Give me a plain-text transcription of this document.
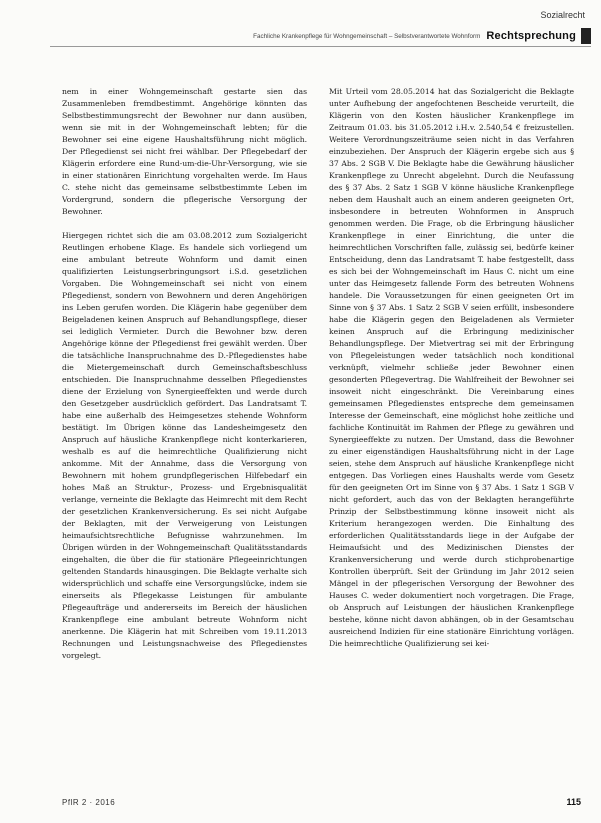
Sozialrecht
Fachliche Krankenpflege für Wohngemeinschaft – Selbstverantwortete Wohnform Rechtsprechung

nem in einer Wohngemeinschaft gestarte sien das Zusammenleben fremdbestimmt. Angehörige könnten das Selbstbestimmungsrecht der Bewohner nur dann ausüben, wenn sie mit in der Wohngemeinschaft lebten; für die Bewohner sei eine eigene Haushaltsführung nicht möglich. Der Pflegedienst sei nicht frei wählbar. Der Pflegebedarf der Klägerin erfordere eine Rund-um-die-Uhr-Versorgung, wie sie in einer stationären Einrichtung vorgehalten werde. Im Haus C. stehe nicht das gemeinsame selbstbestimmte Leben im Vordergrund, sondern die pflegerische Versorgung der Bewohner.

Hiergegen richtet sich die am 03.08.2012 zum Sozialgericht Reutlingen erhobene Klage. Es handele sich vorliegend um eine ambulant betreute Wohnform und damit einen qualifizierten Leistungserbringungsort i.S.d. gesetzlichen Vorgaben. Die Wohngemeinschaft sei nicht von einem Pflegedienst, sondern von Bewohnern und deren Angehörigen ins Leben gerufen worden. Die Klägerin habe gegenüber dem Beigeladenen keinen Anspruch auf Behandlungspflege, dieser sei lediglich Vermieter. Durch die Bewohner bzw. deren Angehörige könne der Pflegedienst frei gewählt werden. Über die tatsächliche Inanspruchnahme des D.-Pflegedienstes habe die Mietergemeinschaft durch Gemeinschaftsbeschluss entschieden. Die Inanspruchnahme desselben Pflegedienstes diene der Erzielung von Synergieeffekten und werde durch den Gesetzgeber ausdrücklich gefördert. Das Landratsamt T. habe eine außerhalb des Heimgesetzes stehende Wohnform bestätigt. Im Übrigen könne das Landesheimgesetz den Anspruch auf häusliche Krankenpflege nicht konterkarieren, weshalb es auf die heimrechtliche Qualifizierung nicht ankomme. Mit der Annahme, dass die Versorgung von Bewohnern mit hohem grundpflegerischen Hilfebedarf ein hohes Maß an Struktur-, Prozess- und Ergebnisqualität verlange, verneinte die Beklagte das Heimrecht mit dem Recht der gesetzlichen Krankenversicherung. Es sei nicht Aufgabe der Beklagten, mit der Verweigerung von Leistungen heimaufsichtsrechtliche Befugnisse wahrzunehmen. Im Übrigen würden in der Wohngemeinschaft Qualitätsstandards eingehalten, die über die für stationäre Pflegeeinrichtungen geltenden Standards hinausgingen. Die Beklagte verhalte sich widersprüchlich und schaffe eine Versorgungslücke, indem sie einerseits als Pflegekasse Leistungen für ambulante Pflegeaufträge und andererseits im Bereich der häuslichen Krankenpflege eine ambulant betreute Wohnform nicht anerkenne. Die Klägerin hat mit Schreiben vom 19.11.2013 Rechnungen und Leistungsnachweise des Pflegedienstes vorgelegt.

Mit Urteil vom 28.05.2014 hat das Sozialgericht die Beklagte unter Aufhebung der angefochtenen Bescheide verurteilt, die Klägerin von den Kosten häuslicher Krankenpflege im Zeitraum 01.03. bis 31.05.2012 i.H.v. 2.540,54 € freizustellen. Weitere Verordnungszeiträume seien nicht in das Verfahren einzubeziehen. Der Anspruch der Klägerin ergebe sich aus § 37 Abs. 2 SGB V. Die Beklagte habe die Gewährung häuslicher Krankenpflege zu Unrecht abgelehnt. Durch die Neufassung des § 37 Abs. 2 Satz 1 SGB V könne häusliche Krankenpflege neben dem Haushalt auch an einem anderen geeigneten Ort, insbesondere in betreuten Wohnformen in Anspruch genommen werden. Die Frage, ob die Erbringung häuslicher Krankenpflege in einer Einrichtung, die unter die heimrechtlichen Vorschriften falle, zulässig sei, bedürfe keiner Entscheidung, denn das Landratsamt T. habe festgestellt, dass es sich bei der Wohngemeinschaft im Haus C. nicht um eine unter das Heimgesetz fallende Form des betreuten Wohnens handele. Die Voraussetzungen für einen geeigneten Ort im Sinne von § 37 Abs. 1 Satz 2 SGB V seien erfüllt, insbesondere habe die Klägerin gegen den Beigeladenen als Vermieter keinen Anspruch auf die Erbringung medizinischer Behandlungspflege. Der Mietvertrag sei mit der Erbringung von Pflegeleistungen weder tatsächlich noch konditional verknüpft, vielmehr schließe jeder Bewohner einen gesonderten Pflegevertrag. Die Wahlfreiheit der Bewohner sei insoweit nicht eingeschränkt. Die Vereinbarung eines gemeinsamen Pflegedienstes entspreche dem gemeinsamen Interesse der Gemeinschaft, eine möglichst hohe zeitliche und fachliche Kontinuität im Rahmen der Pflege zu gewähren und Synergieeffekte zu nutzen. Der Umstand, dass die Bewohner zu einer eigenständigen Haushaltsführung nicht in der Lage seien, stehe dem Anspruch auf häusliche Krankenpflege nicht entgegen. Das Vorliegen eines Haushalts werde vom Gesetz für den geeigneten Ort im Sinne von § 37 Abs. 1 Satz 1 SGB V nicht gefordert, auch das von der Beklagten herangeführte Prinzip der Selbstbestimmung könne insoweit nicht als Kriterium herangezogen werden. Die Einhaltung des erforderlichen Qualitätsstandards liege in der Aufgabe der Heimaufsicht und des Medizinischen Dienstes der Krankenversicherung und werde durch stichprobenartige Kontrollen überprüft. Seit der Gründung im Jahr 2012 seien Mängel in der pflegerischen Versorgung der Bewohner des Hauses C. weder dokumentiert noch vorgetragen. Die Frage, ob Anspruch auf Leistungen der häuslichen Krankenpflege bestehe, könne nicht davon abhängen, ob in der Gesamtschau ausreichend Indizien für eine stationäre Einrichtung vorlägen. Die heimrechtliche Qualifizierung sei kei-

PflR 2 · 2016	115
